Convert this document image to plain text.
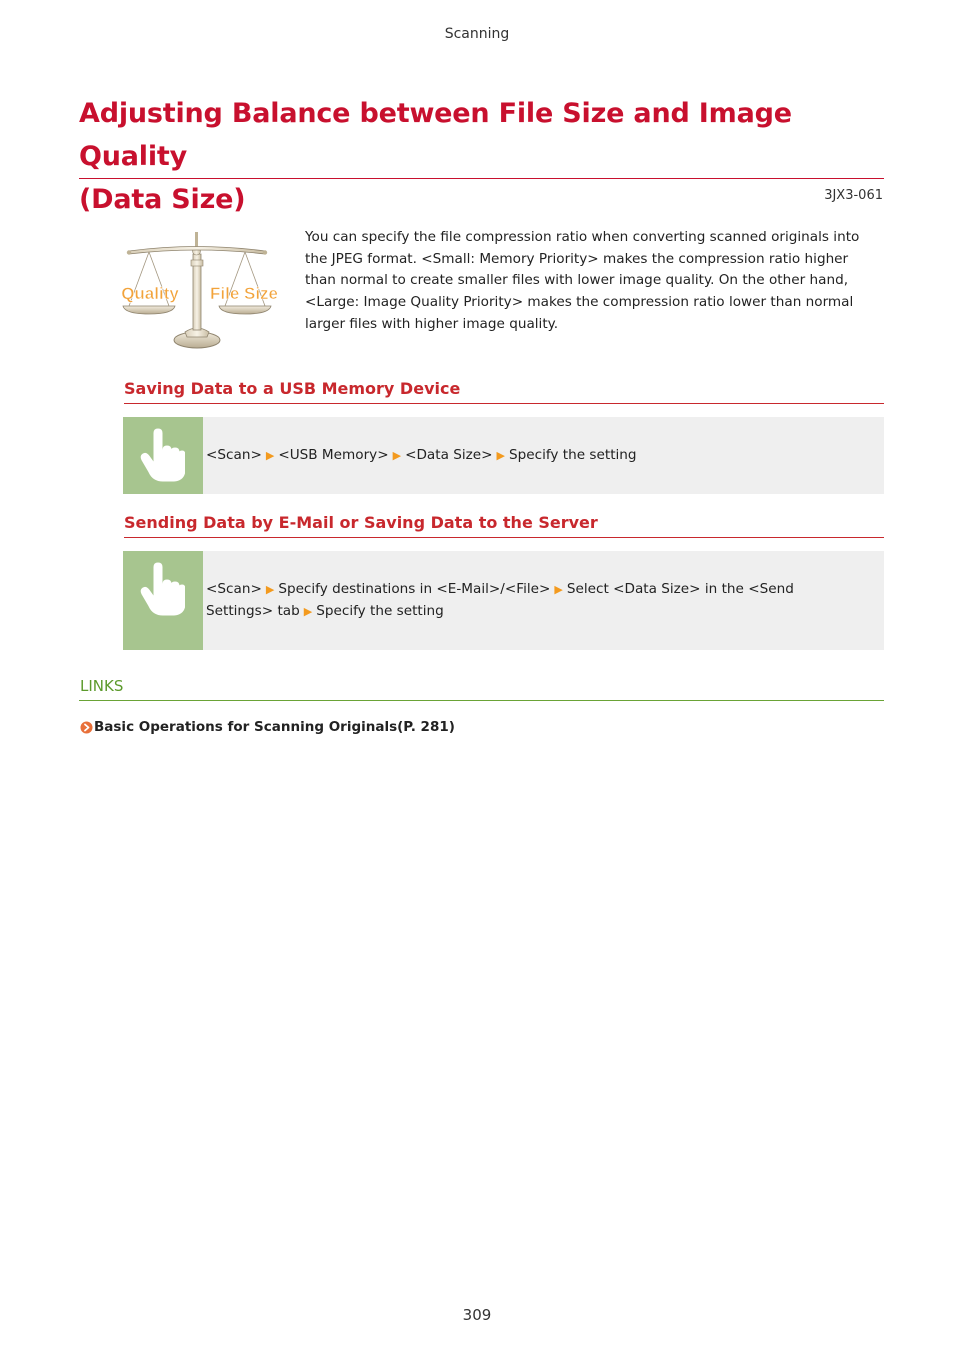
Scanning
Adjusting Balance between File Size and Image Quality
(Data Size)	3JX3-061
Quality File Size

You can specify the file compression ratio when converting scanned originals into the JPEG format. <Small: Memory Priority> makes the compression ratio higher than normal to create smaller files with lower image quality. On the other hand, <Large: Image Quality Priority> makes the compression ratio lower than normal larger files with higher image quality.

Saving Data to a USB Memory Device
<Scan> ▶ <USB Memory> ▶ <Data Size> ▶ Specify the setting
Sending Data by E-Mail or Saving Data to the Server
<Scan> ▶ Specify destinations in <E-Mail>/<File> ▶ Select <Data Size> in the <Send Settings> tab ▶ Specify the setting
LINKS
Basic Operations for Scanning Originals(P. 281)
309
